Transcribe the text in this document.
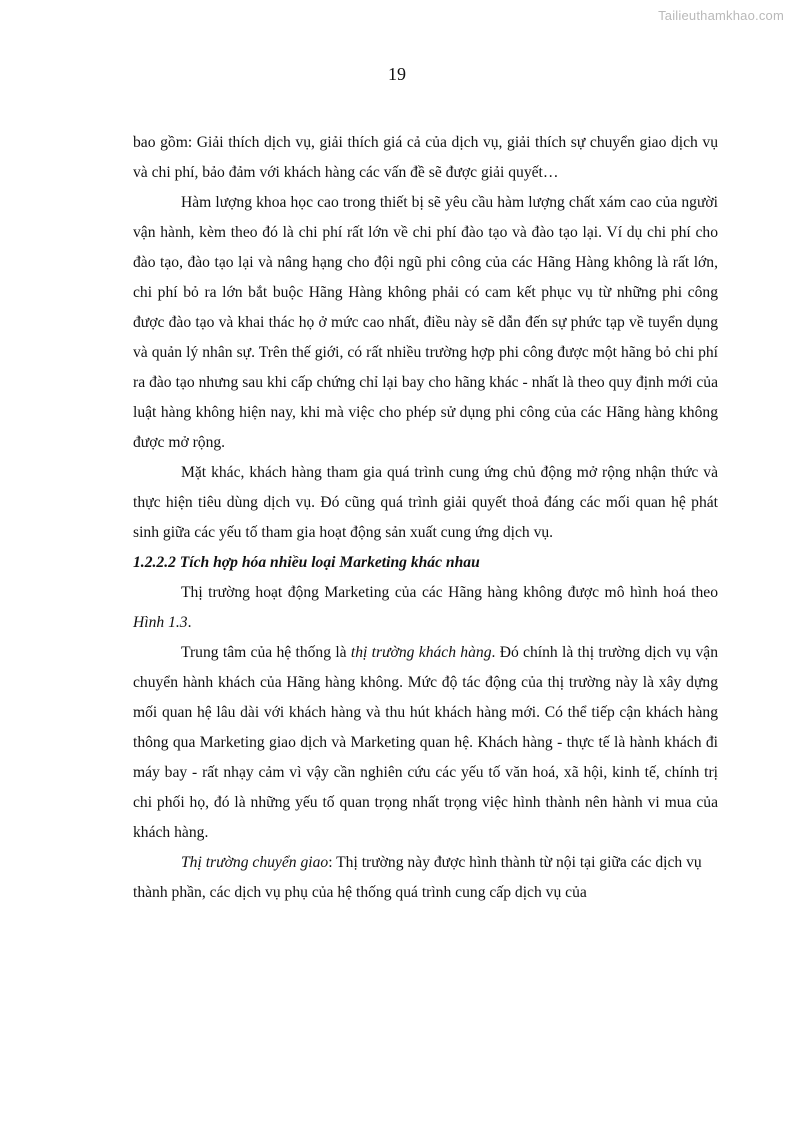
Tailieuthamkhao.com
19

bao gồm: Giải thích dịch vụ, giải thích giá cả của dịch vụ, giải thích sự chuyển giao dịch vụ và chi phí, bảo đảm với khách hàng các vấn đề sẽ được giải quyết…

Hàm lượng khoa học cao trong thiết bị sẽ yêu cầu hàm lượng chất xám cao của người vận hành, kèm theo đó là chi phí rất lớn về chi phí đào tạo và đào tạo lại. Ví dụ chi phí cho đào tạo, đào tạo lại và nâng hạng cho đội ngũ phi công của các Hãng Hàng không là rất lớn, chi phí bỏ ra lớn bắt buộc Hãng Hàng không phải có cam kết phục vụ từ những phi công được đào tạo và khai thác họ ở mức cao nhất, điều này sẽ dẫn đến sự phức tạp về tuyển dụng và quản lý nhân sự. Trên thế giới, có rất nhiều trường hợp phi công được một hãng bỏ chi phí ra đào tạo nhưng sau khi cấp chứng chỉ lại bay cho hãng khác - nhất là theo quy định mới của luật hàng không hiện nay, khi mà việc cho phép sử dụng phi công của các Hãng hàng không được mở rộng.

Mặt khác, khách hàng tham gia quá trình cung ứng chủ động mở rộng nhận thức và thực hiện tiêu dùng dịch vụ. Đó cũng quá trình giải quyết thoả đáng các mối quan hệ phát sinh giữa các yếu tố tham gia hoạt động sản xuất cung ứng dịch vụ.

1.2.2.2 Tích hợp hóa nhiều loại Marketing khác nhau

Thị trường hoạt động Marketing của các Hãng hàng không được mô hình hoá theo Hình 1.3.

Trung tâm của hệ thống là thị trường khách hàng. Đó chính là thị trường dịch vụ vận chuyển hành khách của Hãng hàng không. Mức độ tác động của thị trường này là xây dựng mối quan hệ lâu dài với khách hàng và thu hút khách hàng mới. Có thể tiếp cận khách hàng thông qua Marketing giao dịch và Marketing quan hệ. Khách hàng - thực tế là hành khách đi máy bay - rất nhạy cảm vì vậy cần nghiên cứu các yếu tố văn hoá, xã hội, kinh tế, chính trị chi phối họ, đó là những yếu tố quan trọng nhất trọng việc hình thành nên hành vi mua của khách hàng.

Thị trường chuyển giao: Thị trường này được hình thành từ nội tại giữa các dịch vụ thành phần, các dịch vụ phụ của hệ thống quá trình cung cấp dịch vụ của
